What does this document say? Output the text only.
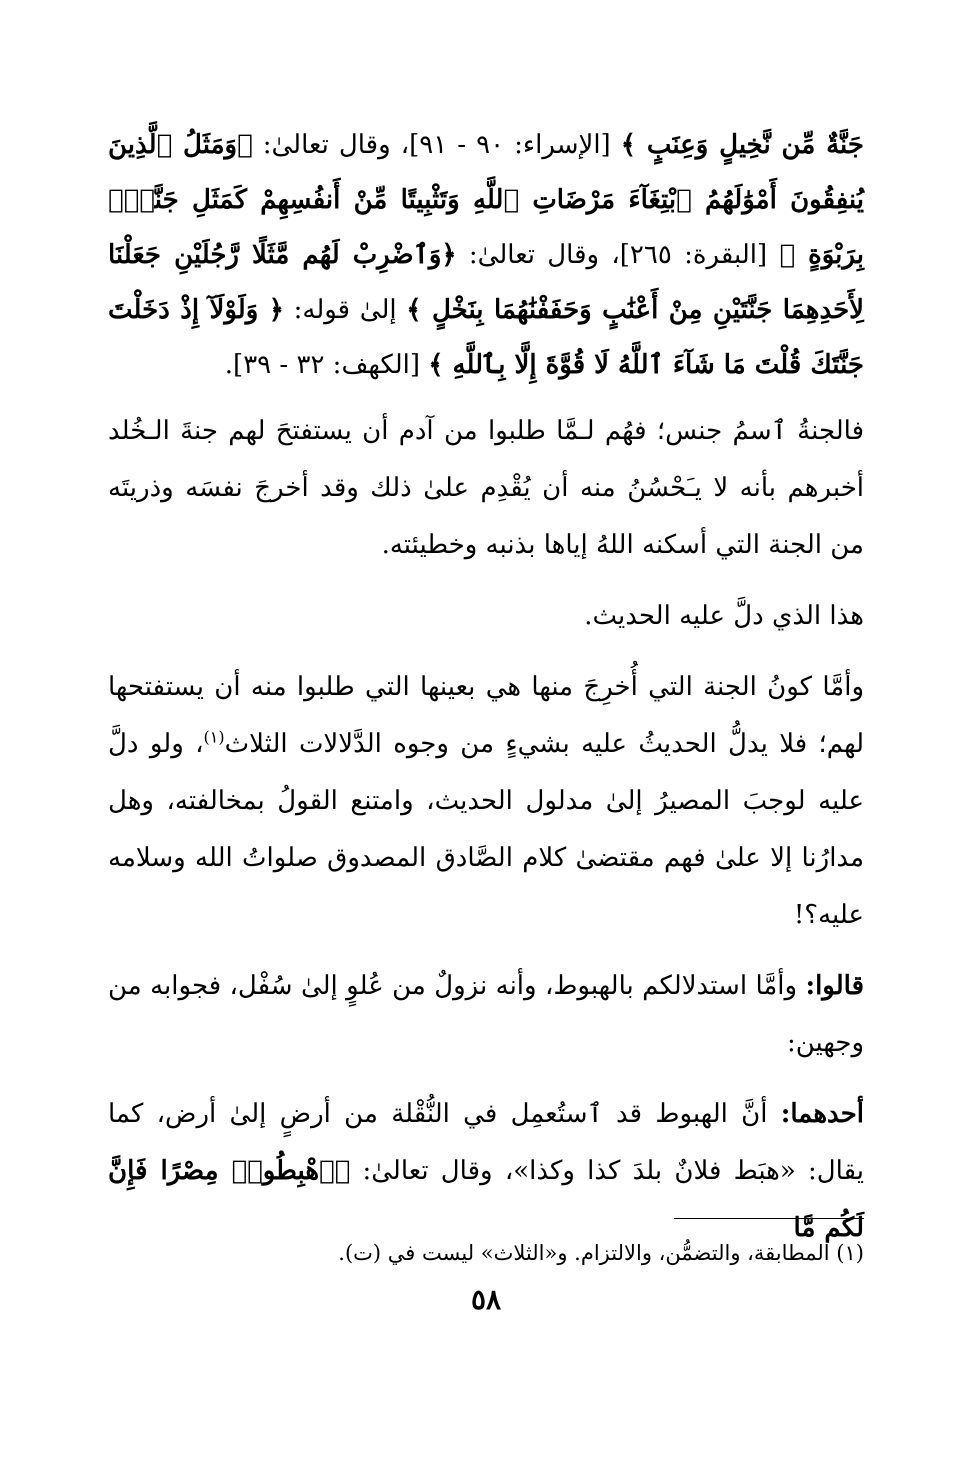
جَنَّةٌ مِّن نَّخِيلٍ وَعِنَبٍ ﴾ [الإسراء: ٩٠ - ٩١]، وقال تعالىٰ: ﴿وَمَثَلُ ٱلَّذِينَ يُنفِقُونَ أَمْوَٰلَهُمُ ٱبْتِغَآءَ مَرْضَاتِ ٱللَّهِ وَتَثْبِيتًا مِّنْ أَنفُسِهِمْ كَمَثَلِ جَنَّةٍۭ بِرَبْوَةٍ ﴾ [البقرة: ٢٦٥]، وقال تعالىٰ: ﴿وَٱضْرِبْ لَهُم مَّثَلًا رَّجُلَيْنِ جَعَلْنَا لِأَحَدِهِمَا جَنَّتَيْنِ مِنْ أَعْنَٰبٍ وَحَفَفْنَٰهُمَا بِنَخْلٍ ﴾ إلىٰ قوله: ﴿ وَلَوْلَآ إِذْ دَخَلْتَ جَنَّتَكَ قُلْتَ مَا شَآءَ ٱللَّهُ لَا قُوَّةَ إِلَّا بِٱللَّهِ ﴾ [الكهف: ٣٢ - ٣٩].

فالجنةُ ٱسمُ جنس؛ فهُم لـمَّا طلبوا من آدم أن يستفتحَ لهم جنةَ الـخُلد أخبرهم بأنه لا يـَحْسُنُ منه أن يُقْدِم علىٰ ذلك وقد أخرجَ نفسَه وذريتَه من الجنة التي أسكنه اللهُ إياها بذنبه وخطيئته.

هذا الذي دلَّ عليه الحديث.

وأمَّا كونُ الجنة التي أُخرِجَ منها هي بعينها التي طلبوا منه أن يستفتحها لهم؛ فلا يدلُّ الحديثُ عليه بشيءٍ من وجوه الدَّلالات الثلاث$^{(١)}$، ولو دلَّ عليه لوجبَ المصيرُ إلىٰ مدلول الحديث، وامتنع القولُ بمخالفته، وهل مدارُنا إلا علىٰ فهم مقتضىٰ كلام الصَّادق المصدوق صلواتُ الله وسلامه عليه؟!

قالوا: وأمَّا استدلالكم بالهبوط، وأنه نزولٌ من عُلوٍ إلىٰ سُفْل، فجوابه من وجهين:

أحدهما: أنَّ الهبوط قد ٱستُعمِل في النُّقْلة من أرضٍ إلىٰ أرض، كما يقال: «هبَط فلانٌ بلدَ كذا وكذا»، وقال تعالىٰ: ﴿ٱهْبِطُوا۟ مِصْرًا فَإِنَّ لَكُم مَّا

(١) المطابقة، والتضمُّن، والالتزام. و«الثلاث» ليست في (ت).
٥٨
